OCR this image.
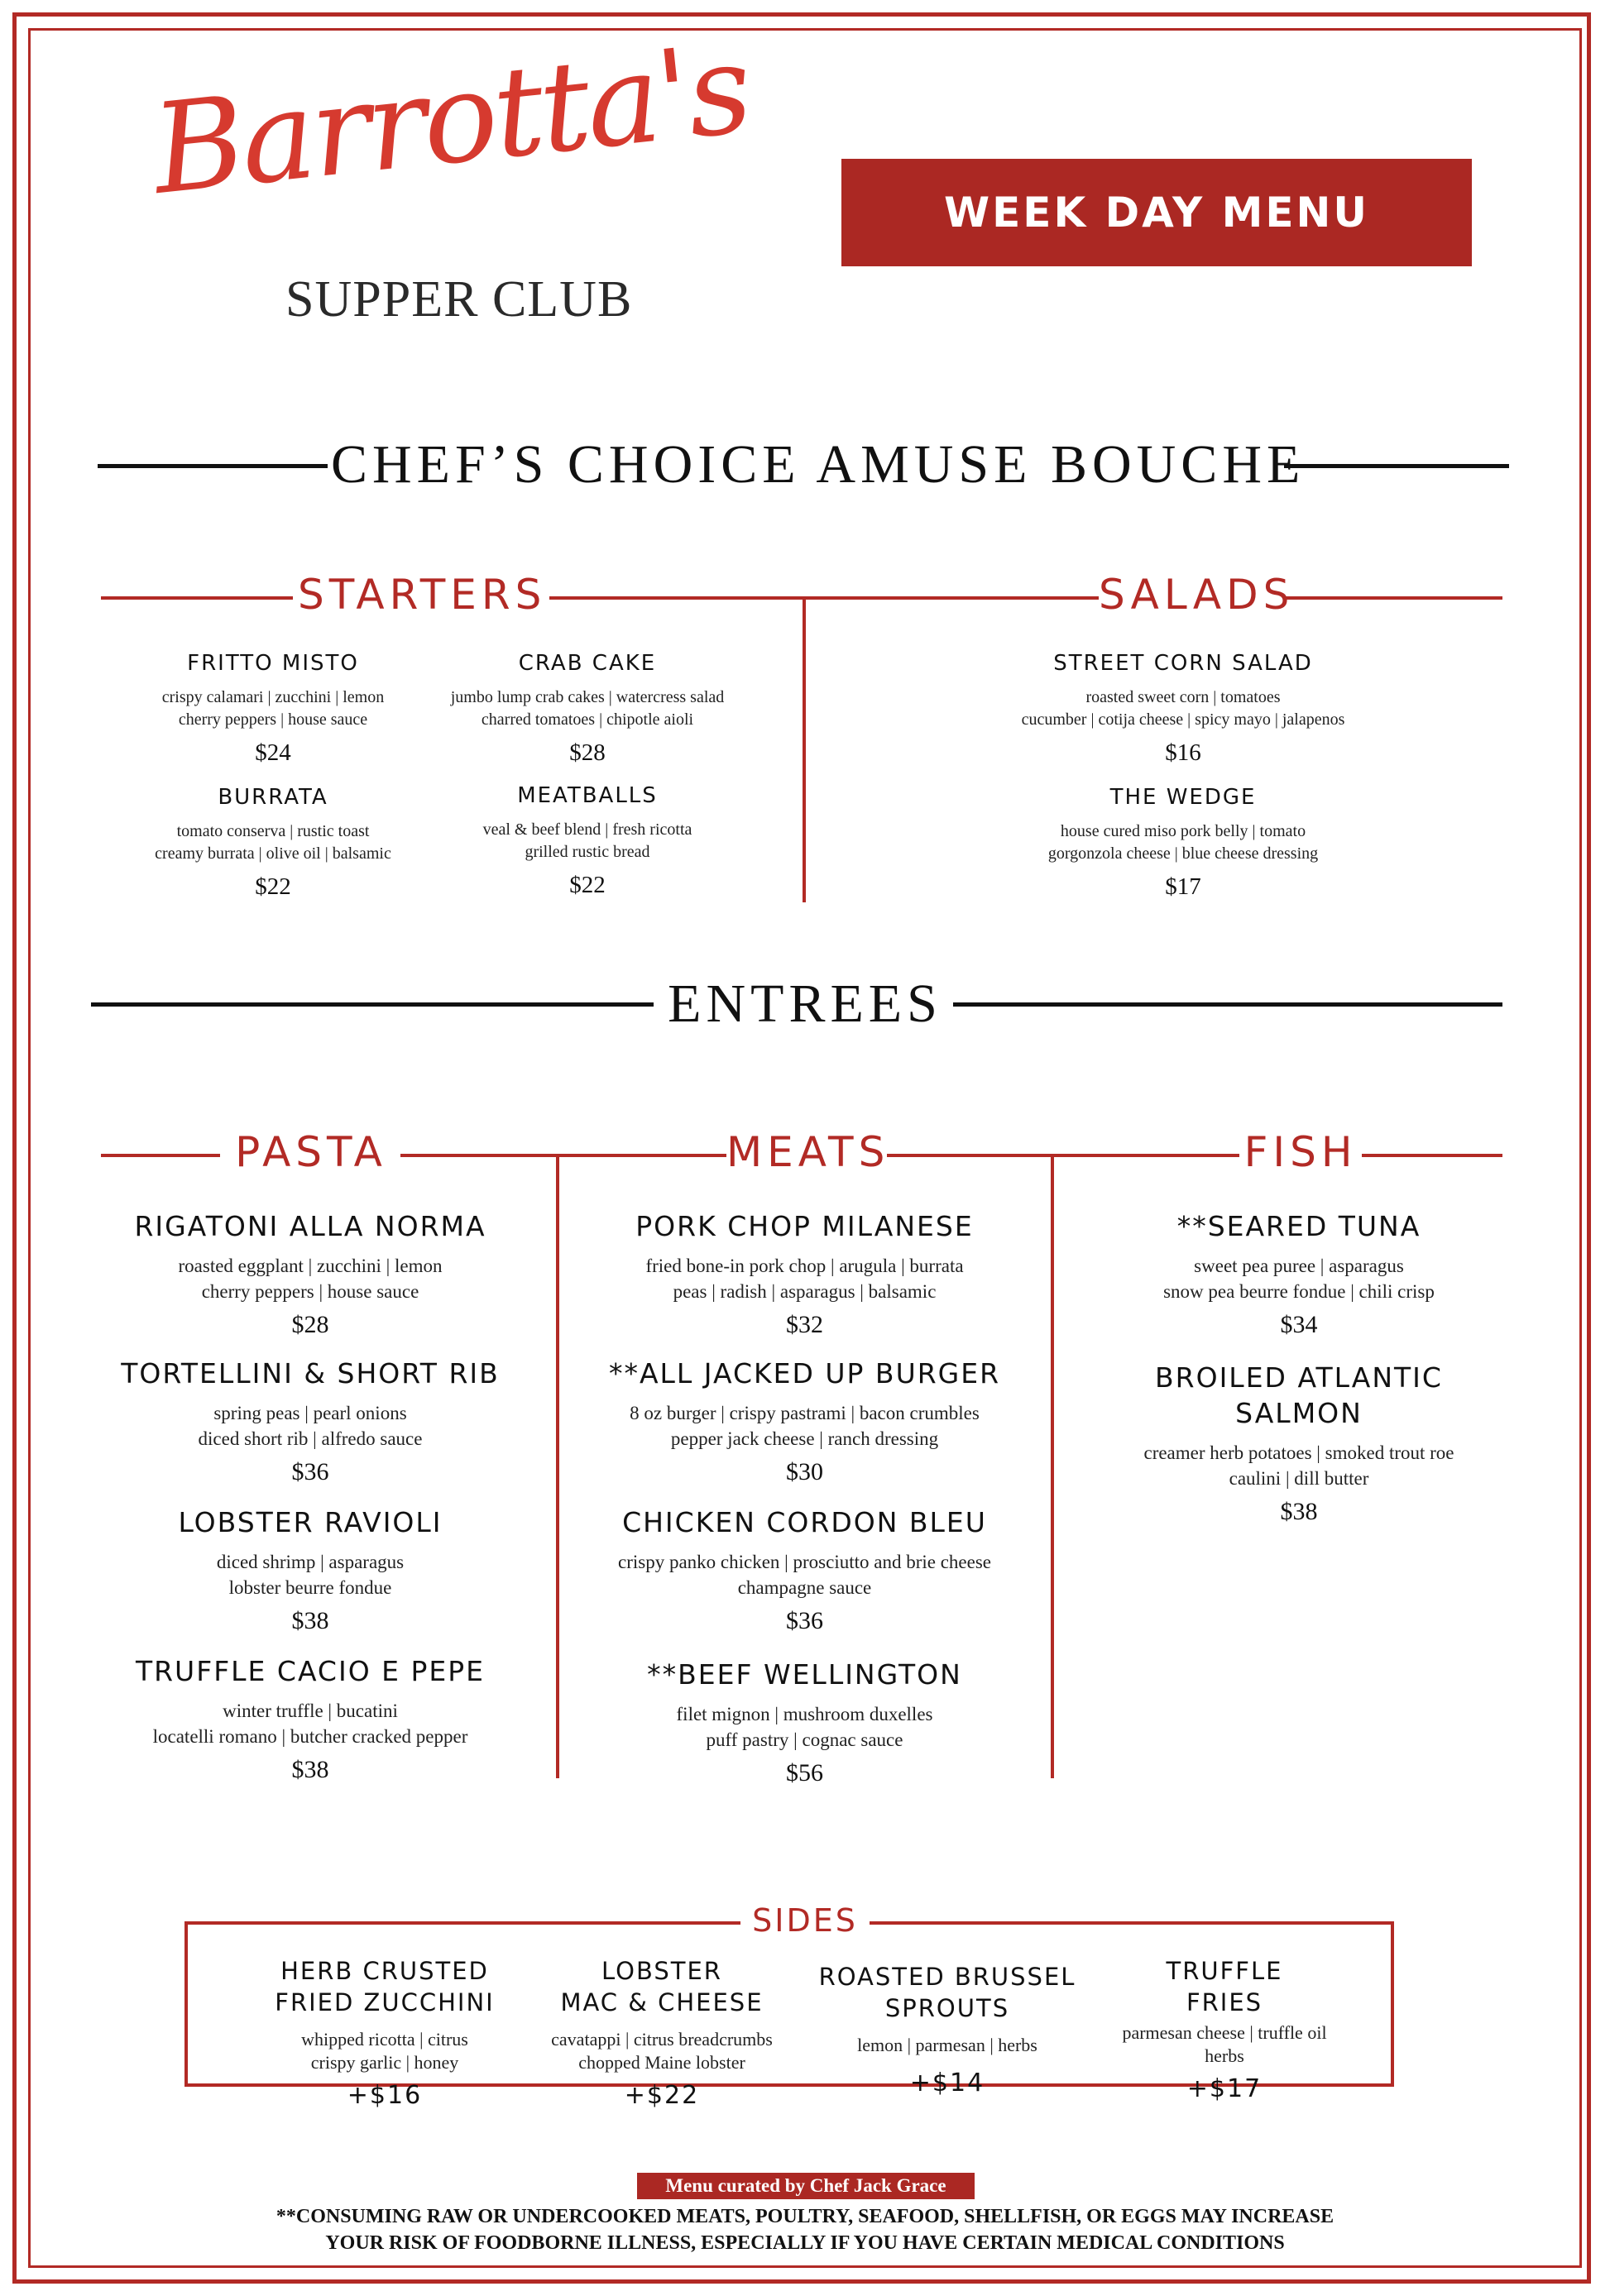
Barrotta's
SUPPER CLUB
WEEK DAY MENU
CHEF’S CHOICE AMUSE BOUCHE
STARTERS	SALADS
FRITTO MISTO
crispy calamari | zucchini | lemon
cherry peppers | house sauce
$24
CRAB CAKE
jumbo lump crab cakes | watercress salad
charred tomatoes | chipotle aioli
$28
BURRATA
tomato conserva | rustic toast
creamy burrata | olive oil | balsamic
$22
MEATBALLS
veal & beef blend | fresh ricotta
grilled rustic bread
$22
STREET CORN SALAD
roasted sweet corn | tomatoes
cucumber | cotija cheese | spicy mayo | jalapenos
$16
THE WEDGE
house cured miso pork belly | tomato
gorgonzola cheese | blue cheese dressing
$17
ENTREES
PASTA	MEATS	FISH
RIGATONI ALLA NORMA
roasted eggplant | zucchini | lemon
cherry peppers | house sauce
$28
TORTELLINI & SHORT RIB
spring peas | pearl onions
diced short rib | alfredo sauce
$36
LOBSTER RAVIOLI
diced shrimp | asparagus
lobster beurre fondue
$38
TRUFFLE CACIO E PEPE
winter truffle | bucatini
locatelli romano | butcher cracked pepper
$38
PORK CHOP MILANESE
fried bone-in pork chop | arugula | burrata
peas | radish | asparagus | balsamic
$32
**ALL JACKED UP BURGER
8 oz burger | crispy pastrami | bacon crumbles
pepper jack cheese | ranch dressing
$30
CHICKEN CORDON BLEU
crispy panko chicken | prosciutto and brie cheese
champagne sauce
$36
**BEEF WELLINGTON
filet mignon | mushroom duxelles
puff pastry | cognac sauce
$56
**SEARED TUNA
sweet pea puree | asparagus
snow pea beurre fondue | chili crisp
$34
BROILED ATLANTIC
SALMON
creamer herb potatoes | smoked trout roe
caulini | dill butter
$38
SIDES
HERB CRUSTED
FRIED ZUCCHINI
whipped ricotta | citrus
crispy garlic | honey
+$16
LOBSTER
MAC & CHEESE
cavatappi | citrus breadcrumbs
chopped Maine lobster
+$22
ROASTED BRUSSEL
SPROUTS
lemon | parmesan | herbs
+$14
TRUFFLE
FRIES
parmesan cheese | truffle oil
herbs
+$17
Menu curated by Chef Jack Grace
**CONSUMING RAW OR UNDERCOOKED MEATS, POULTRY, SEAFOOD, SHELLFISH, OR EGGS MAY INCREASE
YOUR RISK OF FOODBORNE ILLNESS, ESPECIALLY IF YOU HAVE CERTAIN MEDICAL CONDITIONS
